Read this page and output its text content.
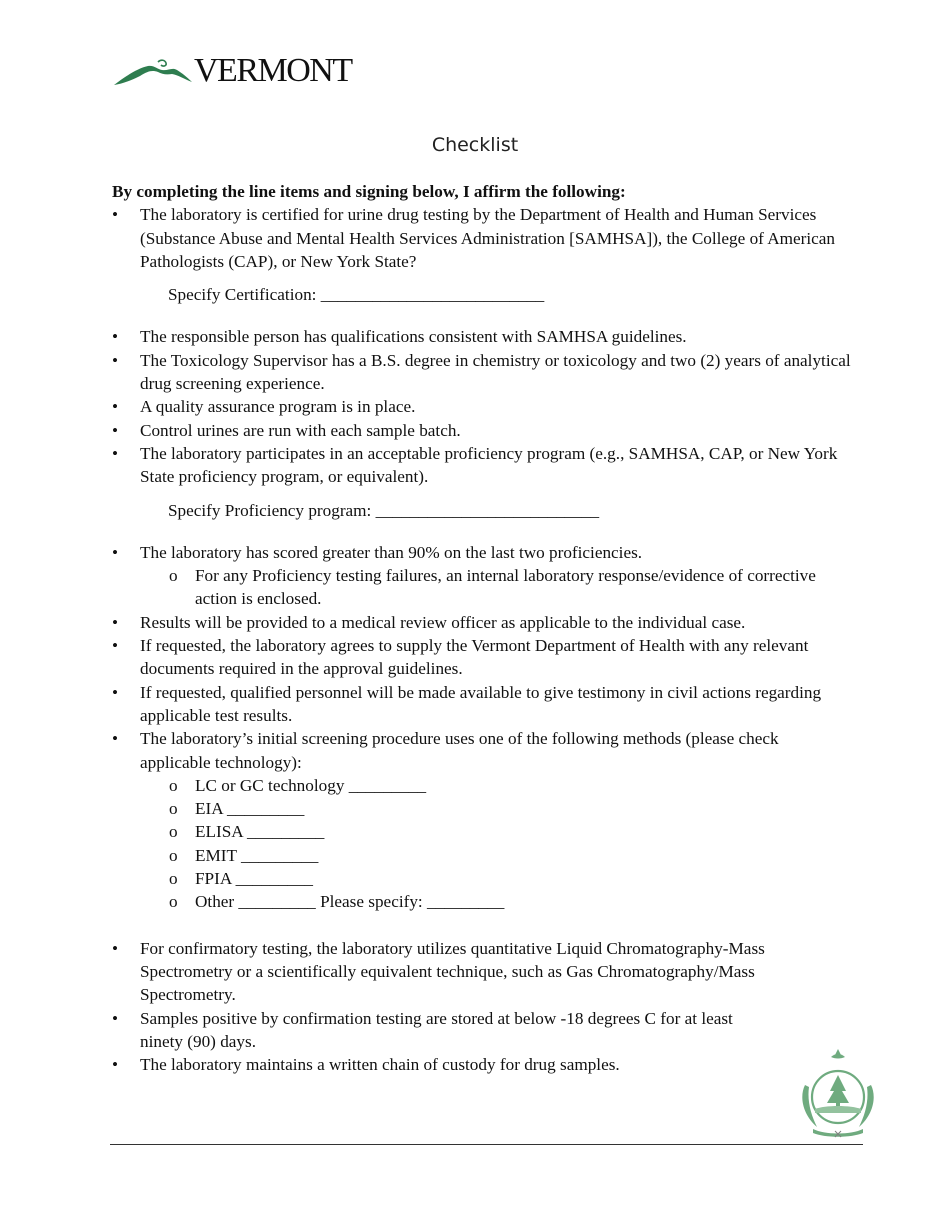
VERMONT
Checklist

By completing the line items and signing below, I affirm the following:

• The laboratory is certified for urine drug testing by the Department of Health and Human Services (Substance Abuse and Mental Health Services Administration [SAMHSA]), the College of American Pathologists (CAP), or New York State?
Specify Certification: __________________________
• The responsible person has qualifications consistent with SAMHSA guidelines.
• The Toxicology Supervisor has a B.S. degree in chemistry or toxicology and two (2) years of analytical drug screening experience.
• A quality assurance program is in place.
• Control urines are run with each sample batch.
• The laboratory participates in an acceptable proficiency program (e.g., SAMHSA, CAP, or New York State proficiency program, or equivalent).
Specify Proficiency program: __________________________
• The laboratory has scored greater than 90% on the last two proficiencies.
o For any Proficiency testing failures, an internal laboratory response/evidence of corrective action is enclosed.
• Results will be provided to a medical review officer as applicable to the individual case.
• If requested, the laboratory agrees to supply the Vermont Department of Health with any relevant documents required in the approval guidelines.
• If requested, qualified personnel will be made available to give testimony in civil actions regarding applicable test results.
• The laboratory’s initial screening procedure uses one of the following methods (please check applicable technology):
o LC or GC technology _________
o EIA _________
o ELISA _________
o EMIT _________
o FPIA _________
o Other _________ Please specify: _________
• For confirmatory testing, the laboratory utilizes quantitative Liquid Chromatography-Mass Spectrometry or a scientifically equivalent technique, such as Gas Chromatography/Mass Spectrometry.
• Samples positive by confirmation testing are stored at below -18 degrees C for at least ninety (90) days.
• The laboratory maintains a written chain of custody for drug samples.
